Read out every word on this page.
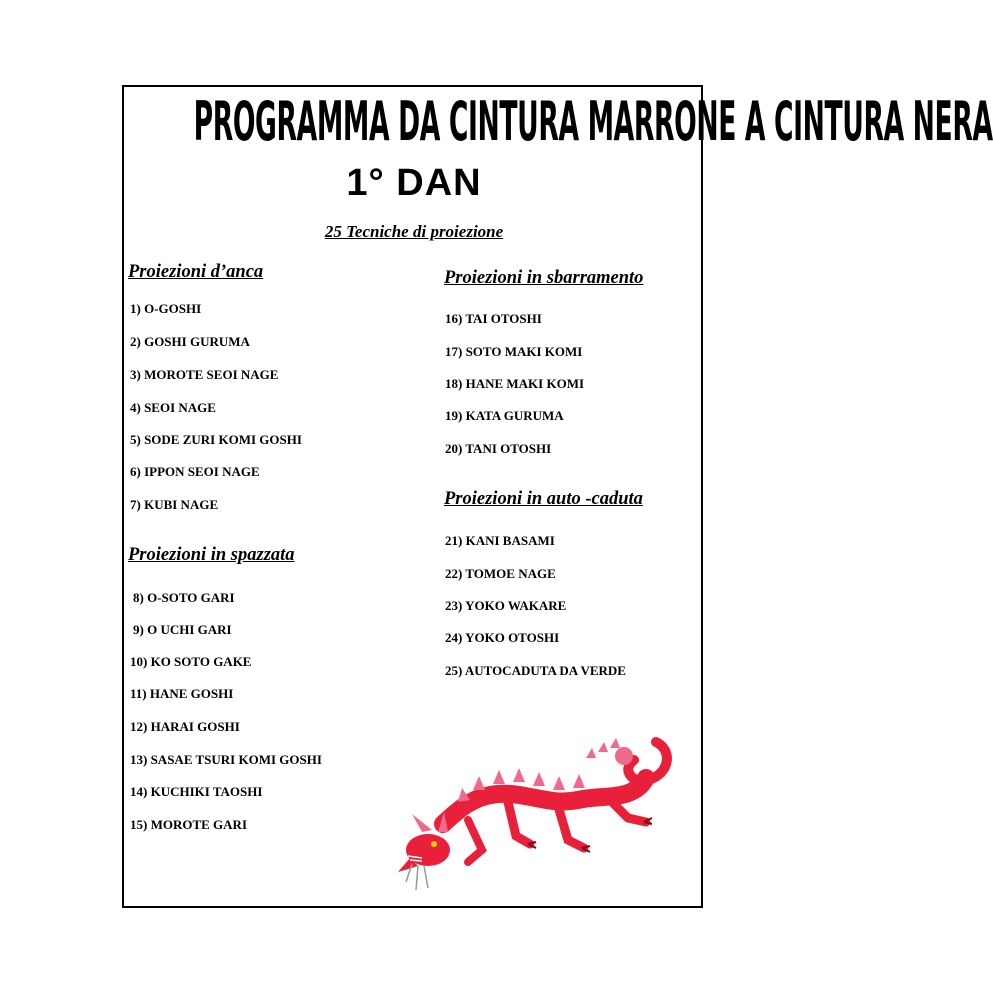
PROGRAMMA DA CINTURA MARRONE A CINTURA NERA
1° DAN
25 Tecniche di proiezione
Proiezioni d’anca
1) O-GOSHI
2) GOSHI GURUMA
3) MOROTE SEOI NAGE
4) SEOI NAGE
5) SODE ZURI KOMI GOSHI
6) IPPON SEOI NAGE
7) KUBI NAGE
Proiezioni in spazzata
8) O-SOTO GARI
9) O UCHI GARI
10) KO SOTO GAKE
11) HANE GOSHI
12) HARAI GOSHI
13) SASAE TSURI KOMI GOSHI
14) KUCHIKI TAOSHI
15) MOROTE GARI
Proiezioni in sbarramento
16) TAI OTOSHI
17) SOTO MAKI KOMI
18) HANE MAKI KOMI
19) KATA GURUMA
20) TANI OTOSHI
Proiezioni in auto -caduta
21) KANI BASAMI
22) TOMOE NAGE
23) YOKO WAKARE
24) YOKO OTOSHI
25) AUTOCADUTA DA VERDE
